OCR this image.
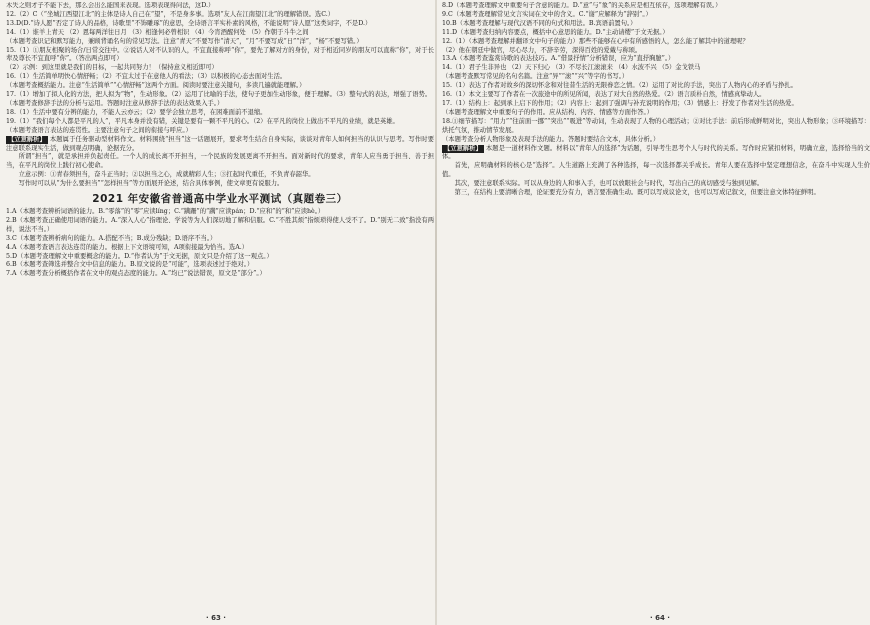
木失之则才子不能下去，那么会出么能国来表现。选项表现得问法，这D.）

12.（2）C（“坐城江西望江北”的主体是诗人自己在“望”，不是身多事。选项“友人在江南望江北”的理解错误。选C.）

13.D(D.“诗人愿”否定了诗人的品格，诗歌里“不饰雕琢”的意思，全诗语言平实朴素的风格，不能说明“诗人愿”这类词字，不是D.）

14.（1）谁羊上青天 （2）恩每两洋往日月 （3）相逢何必曾相识 （4）今宵酒醒何处 （5）作朝于斗牛之间

（本题考查识记和默写能力，兼顾背诵名句的常见写法。注意“青天”不要写作“清天”，“月”不要写成“日”“洋”，“杨”不要写错。）

15.（1）①朋友相聚的场合/日常交往中。②说话人对不认识的人，不宜直接称呼“你”，要先了解对方的身份，对于相近同岁的朋友可以直称“你”，对于长辈及尊长不宜直呼“你”。（答出两点即可）

（2）示例：到这里就是我们的目标，一起共同努力！（保持意义相近即可）

16.（1）生活简单明快心情舒畅；（2）不宜太过于在意他人的看法；（3）以积极的心态去面对生活。

（本题考查概括能力。注意“生活简单”“心情舒畅”这两个方面。阅读时要注意关键句，多读几遍就能理解。）

17.（1）增加了拟人化的方法，把人拟为“物”，生动形象。（2）运用了比喻的手法，使句子更加生动形象，便于理解。（3）整句式的表达，增强了语势。

（本题考查修辞手法的分析与运用。答题时注意从修辞手法的表达效果入手。）

18.（1）生活中要有分辨的能力，不能人云亦云；（2）要学会独立思考，在困难面前不退缩。

19.（1）“我们每个人都是平凡的人”，平凡本身并没有错，关键是要有一颗不平凡的心。（2）在平凡的岗位上做出不平凡的业绩，就是英雄。

（本题考查语言表达的连贯性。主要注意句子之间的衔接与呼应。）

【立意解析】 本题属于任务驱动型材料作文。材料围绕“担当”这一话题展开，要求考生结合自身实际，谈谈对青年人如何担当的认识与思考。写作时要注意联系现实生活，做到观点明确，论据充分。

所谓“担当”，就是承担并负起责任。一个人的成长离不开担当，一个民族的发展更离不开担当。面对新时代的要求，青年人应当勇于担当、善于担当，在平凡的岗位上践行初心使命。

立意示例：①青春须担当，奋斗正当时；②以担当之心，成就精彩人生；③扛起时代重任，不负青春韶华。

写作时可以从“为什么要担当”“怎样担当”等方面展开论述，结合具体事例，使文章更有说服力。

2021 年安徽省普通高中学业水平测试（真题卷三）

1.A（本题考查辨析词语的能力。B.“零落”的“零”应读líng；C.“蹒跚”的“蹒”应读pán；D.“应和”的“和”应读hè。）

2.B（本题考查正确使用词语的能力。A.“深入人心”指理论、学说等为人们深切地了解和信服。C.“不胜其烦”指烦琐得使人受不了。D.“别无二致”指没有两样，说法不当。）

3.C（本题考查辨析病句的能力。A.搭配不当；B.成分残缺；D.语序不当。）

4.A（本题考查语言表达连贯的能力。根据上下文语境可知，A项衔接最为恰当。选A.）

5.D（本题考查理解文中重要概念的能力。D.“作者认为”于文无据，原文只是介绍了这一观点。）

6.B（本题考查筛选并整合文中信息的能力。B.原文说的是“可能”，选项表述过于绝对。）

7.A（本题考查分析概括作者在文中的观点态度的能力。A.“均已”说法错误，原文是“部分”。）

8.D（本题考查理解文中重要句子含意的能力。D.“意”与“象”的关系应是相互依存，选项理解有误。）

9.C（本题考查理解常见文言实词在文中的含义。C.“谢”应解释为“辞别”。）

10.B（本题考查理解与现代汉语不同的句式和用法。B.宾语前置句。）

11.D（本题考查归纳内容要点，概括中心意思的能力。D.“主动请缨”于文无据。）

12.（1）（本题考查理解并翻译文中句子的能力）那些不能够在心中有所感悟的人，怎么能了解其中的道理呢？

（2）他在朝廷中做官，尽心尽力，不辞辛劳，深得百姓的爱戴与称颂。

13.A（本题考查鉴赏诗歌的表达技巧。A.“借景抒情”分析错误，应为“直抒胸臆”。）

14.（1）君子生非异也 （2）天下归心 （3）不尽长江滚滚来 （4）水波不兴 （5）金戈铁马

（本题考查默写常见的名句名篇。注意“异”“滚”“兴”等字的书写。）

15.（1）表达了作者对故乡的深切怀念和对往昔生活的无限眷恋之情。（2）运用了对比的手法，突出了人物内心的矛盾与挣扎。

16.（1）本文主要写了作者在一次旅途中的所见所闻，表达了对大自然的热爱。（2）语言质朴自然，情感真挚动人。

17.（1）结构上：起到承上启下的作用；（2）内容上：起到了强调与补充说明的作用；（3）情感上：抒发了作者对生活的热爱。

（本题考查理解文中重要句子的作用。应从结构、内容、情感等方面作答。）

18.①细节描写：“用力”“往前面一挪”“突出”“吸进”等动词，生动表现了人物的心理活动；②对比手法：前后形成鲜明对比，突出人物形象；③环境描写：烘托气氛，推动情节发展。

（本题考查分析人物形象及表现手法的能力。答题时要结合文本，具体分析。）

【立意解析】 本题是一道材料作文题。材料以“青年人的选择”为话题，引导考生思考个人与时代的关系。写作时应紧扣材料，明确立意，选择恰当的文体。

首先，应明确材料的核心是“选择”。人生道路上充满了各种选择，每一次选择都关乎成长。青年人要在选择中坚定理想信念，在奋斗中实现人生价值。

其次，要注意联系实际。可以从身边的人和事入手，也可以放眼社会与时代，写出自己的真切感受与独到见解。

第三，在结构上要清晰合理，论证要充分有力，语言要准确生动。既可以写成议论文，也可以写成记叙文，但要注意文体特征鲜明。

· 63 ·	· 64 ·
